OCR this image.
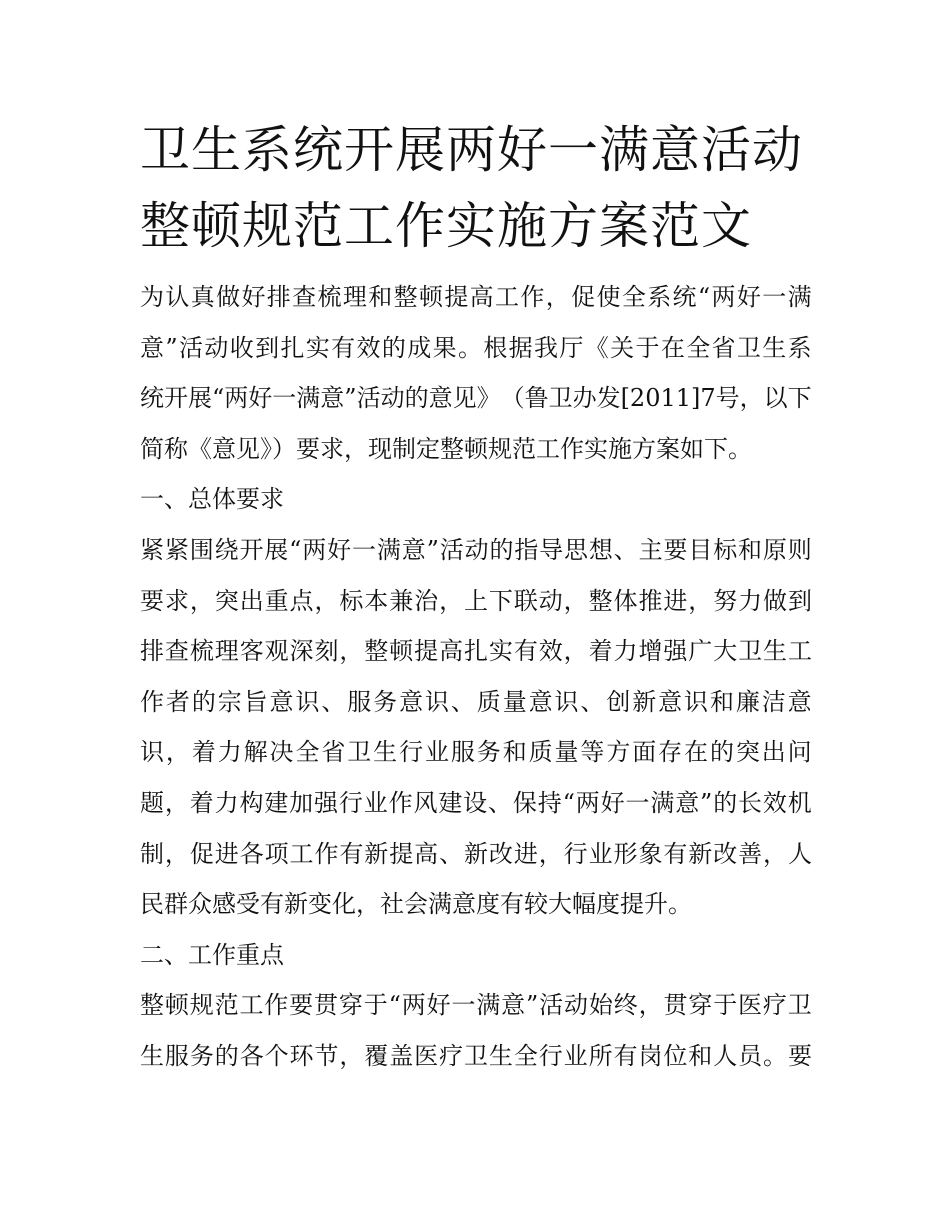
卫生系统开展两好一满意活动
整顿规范工作实施方案范文

为 认 真 做 好 排 查 梳 理 和 整 顿 提 高 工 作 ， 促 使 全 系 统 “ 两 好 一 满

意 ” 活 动 收 到 扎 实 有 效 的 成 果 。 根 据 我 厅 《 关 于 在 全 省 卫 生 系

统 开 展 “ 两 好 一 满 意 ” 活 动 的 意 见 》 （ 鲁 卫 办 发 [2011]7 号 ， 以 下

简称《意见》）要求，现制定整顿规范工作实施方案如下。

一、总体要求

紧 紧 围 绕 开 展 “ 两 好 一 满 意 ” 活 动 的 指 导 思 想 、 主 要 目 标 和 原 则

要 求 ， 突 出 重 点 ， 标 本 兼 治 ， 上 下 联 动 ， 整 体 推 进 ， 努 力 做 到

排 查 梳 理 客 观 深 刻 ， 整 顿 提 高 扎 实 有 效 ， 着 力 增 强 广 大 卫 生 工

作 者 的 宗 旨 意 识 、 服 务 意 识 、 质 量 意 识 、 创 新 意 识 和 廉 洁 意

识 ， 着 力 解 决 全 省 卫 生 行 业 服 务 和 质 量 等 方 面 存 在 的 突 出 问

题 ， 着 力 构 建 加 强 行 业 作 风 建 设 、 保 持 “ 两 好 一 满 意 ” 的 长 效 机

制 ， 促 进 各 项 工 作 有 新 提 高 、 新 改 进 ， 行 业 形 象 有 新 改 善 ， 人

民群众感受有新变化，社会满意度有较大幅度提升。

二、工作重点

整 顿 规 范 工 作 要 贯 穿 于 “ 两 好 一 满 意 ” 活 动 始 终 ， 贯 穿 于 医 疗 卫

生 服 务 的 各 个 环 节 ， 覆 盖 医 疗 卫 生 全 行 业 所 有 岗 位 和 人 员 。 要
